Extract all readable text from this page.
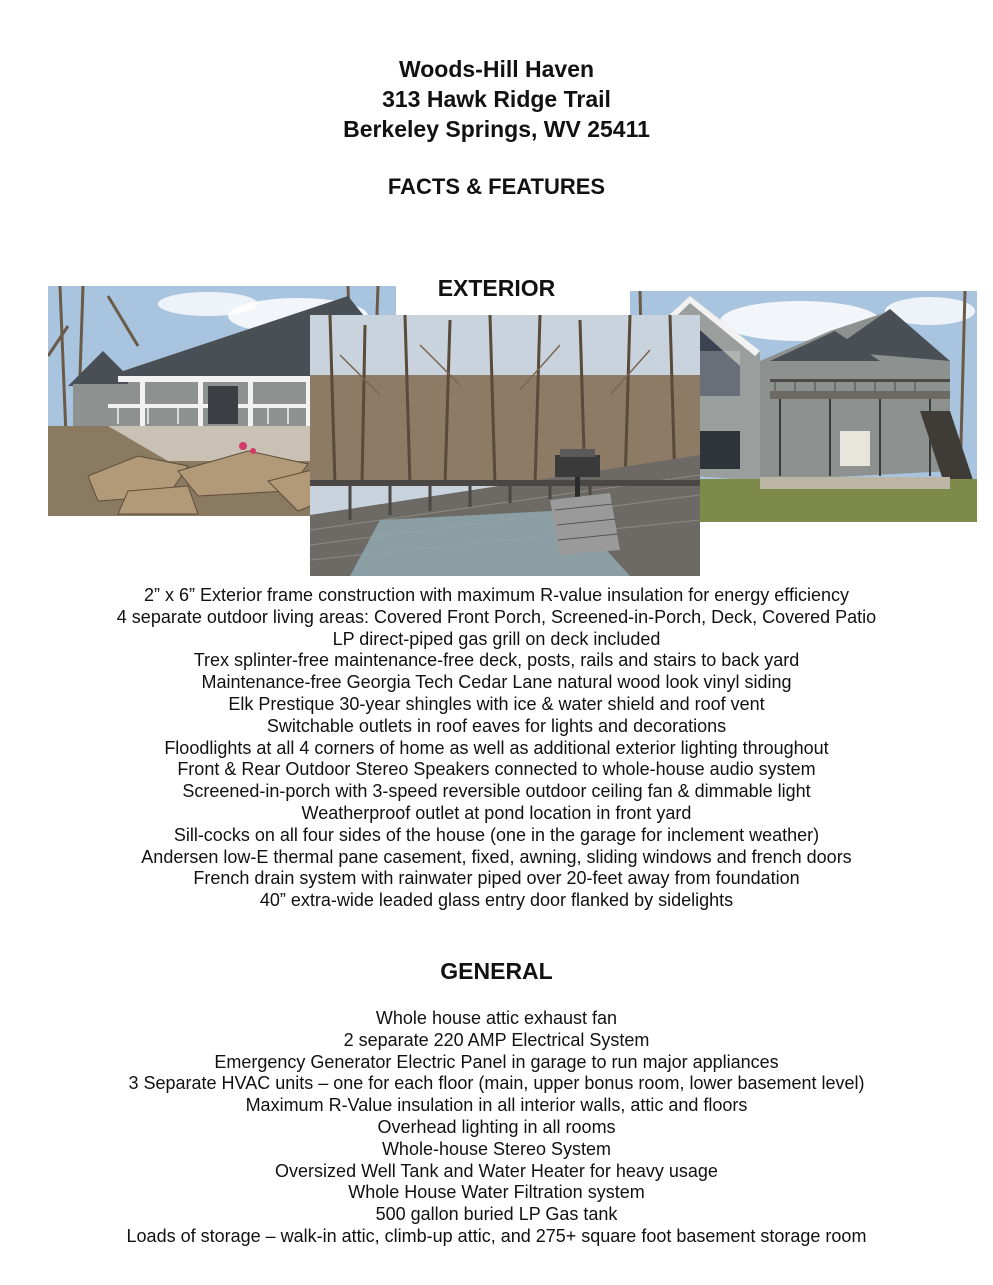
Woods-Hill Haven
313 Hawk Ridge Trail
Berkeley Springs, WV 25411
FACTS & FEATURES
EXTERIOR
2” x 6” Exterior frame construction with maximum R-value insulation for energy efficiency
4 separate outdoor living areas: Covered Front Porch, Screened-in-Porch, Deck, Covered Patio
LP direct-piped gas grill on deck included
Trex splinter-free maintenance-free deck, posts, rails and stairs to back yard
Maintenance-free Georgia Tech Cedar Lane natural wood look vinyl siding
Elk Prestique 30-year shingles with ice & water shield and roof vent
Switchable outlets in roof eaves for lights and decorations
Floodlights at all 4 corners of home as well as additional exterior lighting throughout
Front & Rear Outdoor Stereo Speakers connected to whole-house audio system
Screened-in-porch with 3-speed reversible outdoor ceiling fan & dimmable light
Weatherproof outlet at pond location in front yard
Sill-cocks on all four sides of the house (one in the garage for inclement weather)
Andersen low-E thermal pane casement, fixed, awning, sliding windows and french doors
French drain system with rainwater piped over 20-feet away from foundation
40” extra-wide leaded glass entry door flanked by sidelights
GENERAL
Whole house attic exhaust fan
2 separate 220 AMP Electrical System
Emergency Generator Electric Panel in garage to run major appliances
3 Separate HVAC units – one for each floor (main, upper bonus room, lower basement level)
Maximum R-Value insulation in all interior walls, attic and floors
Overhead lighting in all rooms
Whole-house Stereo System
Oversized Well Tank and Water Heater for heavy usage
Whole House Water Filtration system
500 gallon buried LP Gas tank
Loads of storage – walk-in attic, climb-up attic, and 275+ square foot basement storage room
